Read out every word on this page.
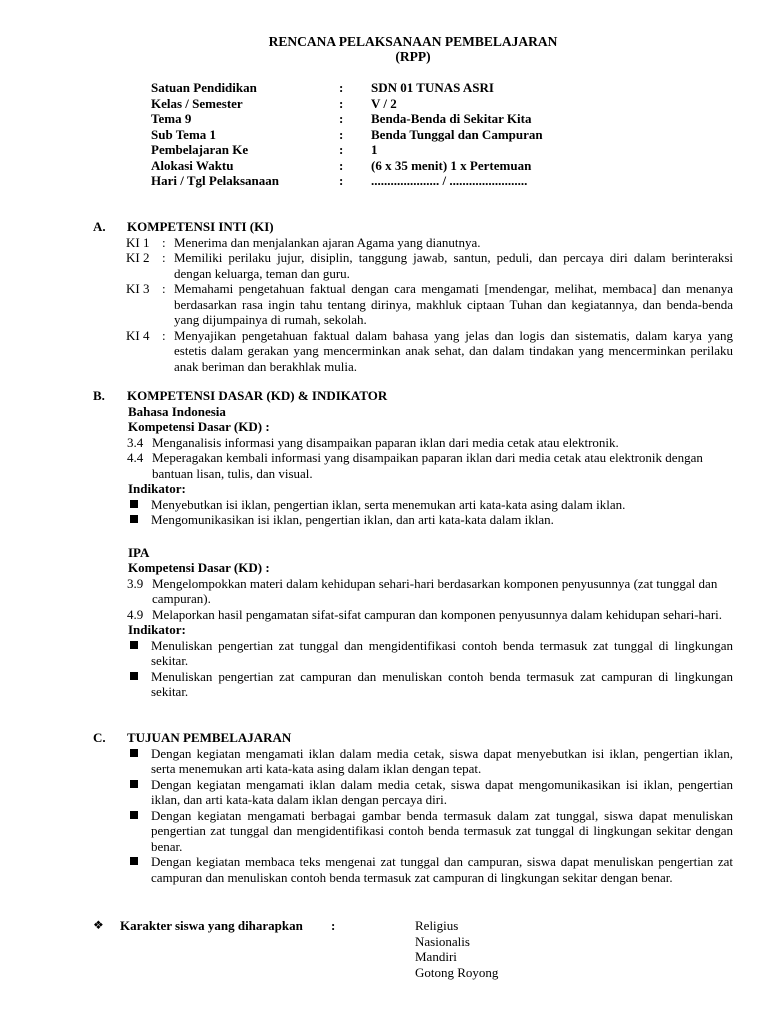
RENCANA PELAKSANAAN PEMBELAJARAN
(RPP)
Satuan Pendidikan	: SDN 01 TUNAS ASRI
Kelas / Semester	: V / 2
Tema 9	: Benda-Benda di Sekitar Kita
Sub Tema 1	: Benda Tunggal dan Campuran
Pembelajaran Ke	: 1
Alokasi Waktu	: (6 x 35 menit) 1 x Pertemuan
Hari / Tgl Pelaksanaan	: ..................... / ........................
A. KOMPETENSI INTI (KI)
KI 1 : Menerima dan menjalankan ajaran Agama yang dianutnya.
KI 2 : Memiliki perilaku jujur, disiplin, tanggung jawab, santun, peduli, dan percaya diri dalam berinteraksi dengan keluarga, teman dan guru.
KI 3 : Memahami pengetahuan faktual dengan cara mengamati [mendengar, melihat, membaca] dan menanya berdasarkan rasa ingin tahu tentang dirinya, makhluk ciptaan Tuhan dan kegiatannya, dan benda-benda yang dijumpainya di rumah, sekolah.
KI 4 : Menyajikan pengetahuan faktual dalam bahasa yang jelas dan logis dan sistematis, dalam karya yang estetis dalam gerakan yang mencerminkan anak sehat, dan dalam tindakan yang mencerminkan perilaku anak beriman dan berakhlak mulia.
B. KOMPETENSI DASAR (KD) & INDIKATOR
Bahasa Indonesia
Kompetensi Dasar (KD) :
3.4 Menganalisis informasi yang disampaikan paparan iklan dari media cetak atau elektronik.
4.4 Meperagakan kembali informasi yang disampaikan paparan iklan dari media cetak atau elektronik dengan bantuan lisan, tulis, dan visual.
Indikator:
Menyebutkan isi iklan, pengertian iklan, serta menemukan arti kata-kata asing dalam iklan.
Mengomunikasikan isi iklan, pengertian iklan, dan arti kata-kata dalam iklan.
IPA
Kompetensi Dasar (KD) :
3.9 Mengelompokkan materi dalam kehidupan sehari-hari berdasarkan komponen penyusunnya (zat tunggal dan campuran).
4.9 Melaporkan hasil pengamatan sifat-sifat campuran dan komponen penyusunnya dalam kehidupan sehari-hari.
Indikator:
Menuliskan pengertian zat tunggal dan mengidentifikasi contoh benda termasuk zat tunggal di lingkungan sekitar.
Menuliskan pengertian zat campuran dan menuliskan contoh benda termasuk zat campuran di lingkungan sekitar.
C. TUJUAN PEMBELAJARAN
Dengan kegiatan mengamati iklan dalam media cetak, siswa dapat menyebutkan isi iklan, pengertian iklan, serta menemukan arti kata-kata asing dalam iklan dengan tepat.
Dengan kegiatan mengamati iklan dalam media cetak, siswa dapat mengomunikasikan isi iklan, pengertian iklan, dan arti kata-kata dalam iklan dengan percaya diri.
Dengan kegiatan mengamati berbagai gambar benda termasuk dalam zat tunggal, siswa dapat menuliskan pengertian zat tunggal dan mengidentifikasi contoh benda termasuk zat tunggal di lingkungan sekitar dengan benar.
Dengan kegiatan membaca teks mengenai zat tunggal dan campuran, siswa dapat menuliskan pengertian zat campuran dan menuliskan contoh benda termasuk zat campuran di lingkungan sekitar dengan benar.
❖ Karakter siswa yang diharapkan :	Religius
Nasionalis
Mandiri
Gotong Royong
